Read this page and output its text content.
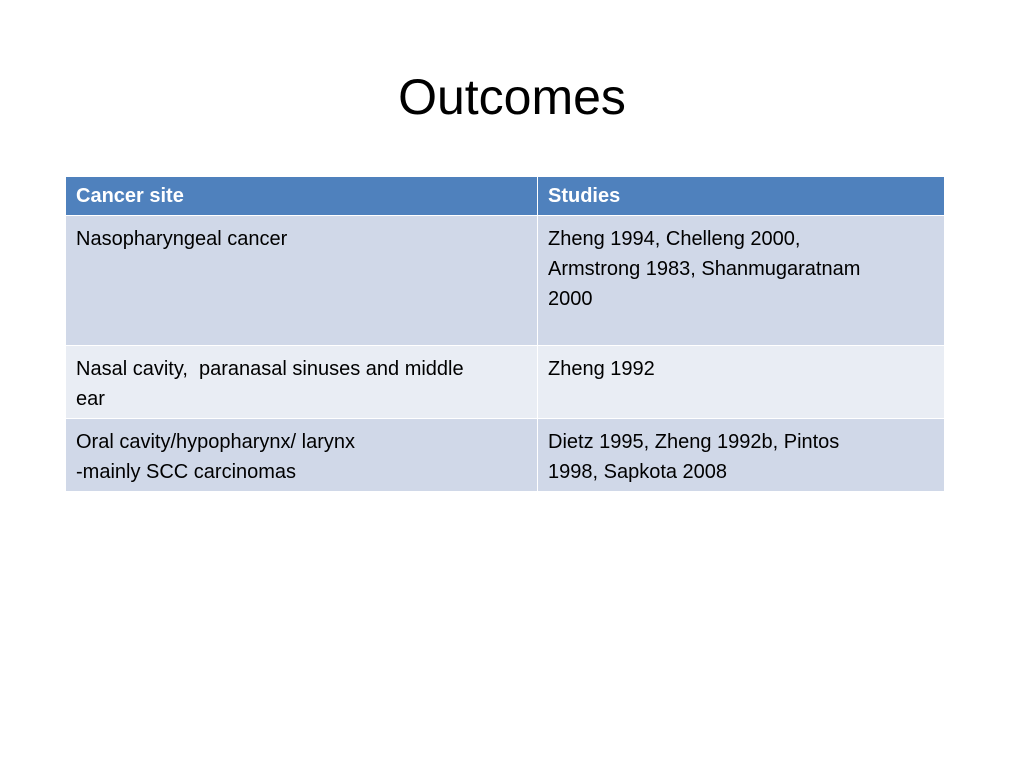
Outcomes
Cancer site	Studies

Nasopharyngeal cancer	Zheng 1994, Chelleng 2000,
Armstrong 1983, Shanmugaratnam
2000

Nasal cavity,  paranasal sinuses and middle
ear	Zheng 1992

Oral cavity/hypopharynx/ larynx
-mainly SCC carcinomas	Dietz 1995, Zheng 1992b, Pintos
1998, Sapkota 2008
